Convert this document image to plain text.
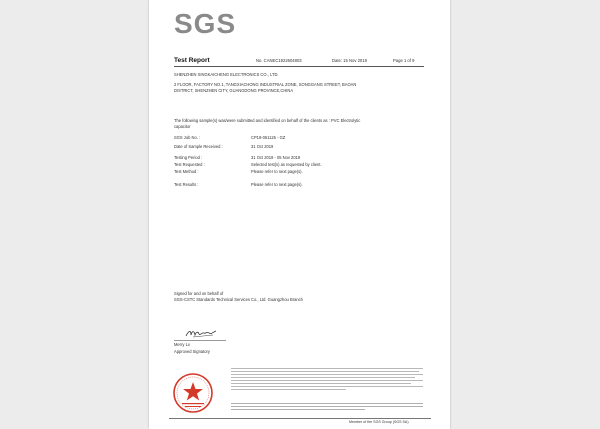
SGS
Test Report	No. CANEC1922604803	Date: 15 Nov 2019	Page 1 of 9
SHENZHEN XINGKAICHENG ELECTRONICS CO., LTD.
2 FLOOR, FACTORY NO.1, TANGXIACHONG INDUSTRIAL ZONE, SONGGANG STREET, BAOAN
DISTRICT, SHENZHEN CITY, GUANGDONG PROVINCE,CHINA
The following sample(s) was/were submitted and identified on behalf of the clients as : PVC Electrolytic
capacitor
SGS Job No. :	CP19-061126 - GZ
Date of Sample Received :	31 Oct 2019
Testing Period :	31 Oct 2019 - 05 Nov 2019
Test Requested :	Selected test(s) as requested by client.
Test Method :	Please refer to next page(s).
Test Results :	Please refer to next page(s).
Signed for and on behalf of
SGS-CSTC Standards Technical Services Co., Ltd. Guangzhou Branch
Merry Lv
Approved Signatory
Member of the SGS Group (SGS SA)
